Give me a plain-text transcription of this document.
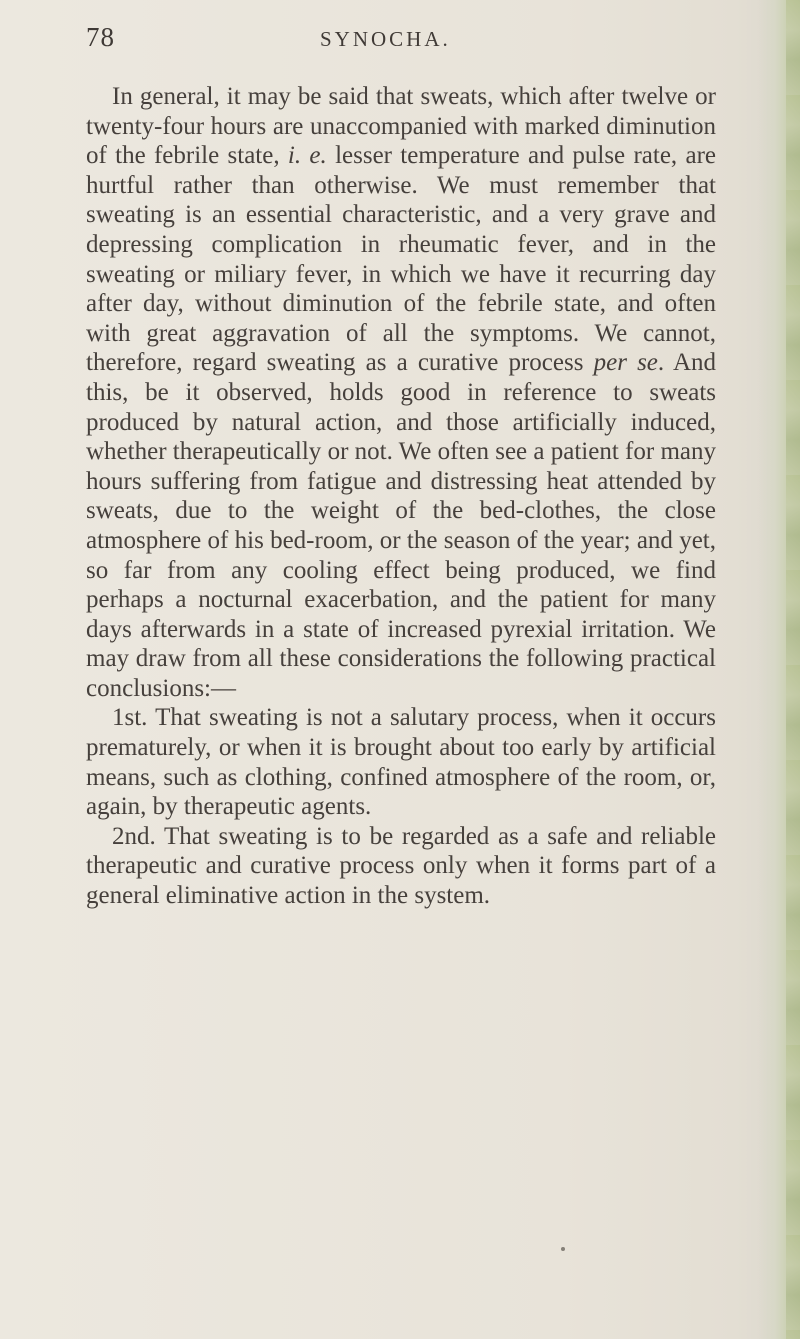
78	SYNOCHA.

In general, it may be said that sweats, which after twelve or twenty-four hours are unaccompanied with marked diminution of the febrile state, i. e. lesser temperature and pulse rate, are hurtful rather than otherwise. We must remember that sweating is an essential characteristic, and a very grave and depressing complication in rheumatic fever, and in the sweating or miliary fever, in which we have it recurring day after day, without diminution of the febrile state, and often with great aggravation of all the symptoms. We cannot, therefore, regard sweating as a curative process per se. And this, be it observed, holds good in reference to sweats produced by natural action, and those artificially induced, whether therapeutically or not. We often see a patient for many hours suffering from fatigue and distressing heat attended by sweats, due to the weight of the bed-clothes, the close atmosphere of his bed-room, or the season of the year; and yet, so far from any cooling effect being produced, we find perhaps a nocturnal exacerbation, and the patient for many days afterwards in a state of increased pyrexial irritation. We may draw from all these considerations the following practical conclusions:—

1st. That sweating is not a salutary process, when it occurs prematurely, or when it is brought about too early by artificial means, such as clothing, confined atmosphere of the room, or, again, by therapeutic agents.

2nd. That sweating is to be regarded as a safe and reliable therapeutic and curative process only when it forms part of a general eliminative action in the system.
